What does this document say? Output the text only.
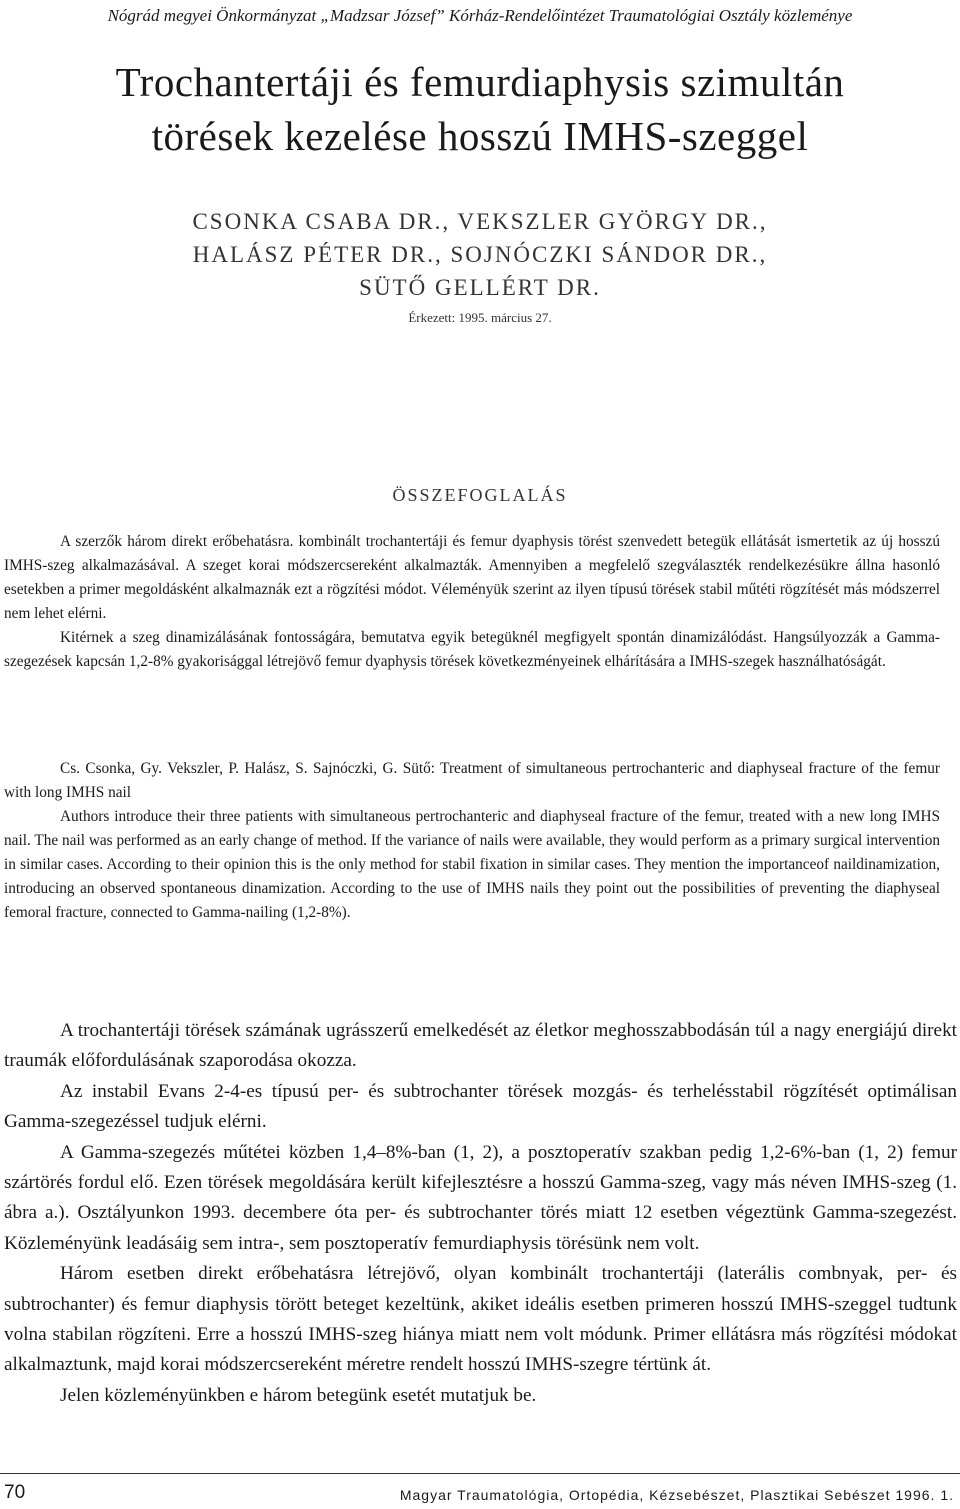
Nógrád megyei Önkormányzat „Madzsar József” Kórház-Rendelőintézet Traumatológiai Osztály közleménye
Trochantertáji és femurdiaphysis szimultán
törések kezelése hosszú IMHS-szeggel
CSONKA CSABA DR., VEKSZLER GYÖRGY DR.,
HALÁSZ PÉTER DR., SOJNÓCZKI SÁNDOR DR.,
SÜTŐ GELLÉRT DR.
Érkezett: 1995. március 27.
ÖSSZEFOGLALÁS

A szerzők három direkt erőbehatásra. kombinált trochantertáji és femur dyaphysis törést szenvedett betegük ellátását ismertetik az új hosszú IMHS-szeg alkalmazásával. A szeget korai módszercsereként alkalmazták. Amennyiben a megfelelő szegválaszték rendelkezésükre állna hasonló esetekben a primer megoldásként alkalmaznák ezt a rögzítési módot. Véleményük szerint az ilyen típusú törések stabil műtéti rögzítését más módszerrel nem lehet elérni.

Kitérnek a szeg dinamizálásának fontosságára, bemutatva egyik betegüknél megfigyelt spontán dinamizálódást. Hangsúlyozzák a Gamma-szegezések kapcsán 1,2-8% gyakorisággal létrejövő femur dyaphysis törések következményeinek elhárítására a IMHS-szegek használhatóságát.

Cs. Csonka, Gy. Vekszler, P. Halász, S. Sajnóczki, G. Sütő: Treatment of simultaneous pertrochanteric and diaphyseal fracture of the femur with long IMHS nail

Authors introduce their three patients with simultaneous pertrochanteric and diaphyseal fracture of the femur, treated with a new long IMHS nail. The nail was performed as an early change of method. If the variance of nails were available, they would perform as a primary surgical intervention in similar cases. According to their opinion this is the only method for stabil fixation in similar cases. They mention the importanceof naildinamization, introducing an observed spontaneous dinamization. According to the use of IMHS nails they point out the possibilities of preventing the diaphyseal femoral fracture, connected to Gamma-nailing (1,2-8%).

A trochantertáji törések számának ugrásszerű emelkedését az életkor meghosszabbodásán túl a nagy energiájú direkt traumák előfordulásának szaporodása okozza.

Az instabil Evans 2-4-es típusú per- és subtrochanter törések mozgás- és terhelésstabil rögzítését optimálisan Gamma-szegezéssel tudjuk elérni.

A Gamma-szegezés műtétei közben 1,4–8%-ban (1, 2), a posztoperatív szakban pedig 1,2-6%-ban (1, 2) femur szártörés fordul elő. Ezen törések megoldására került kifejlesztésre a hosszú Gamma-szeg, vagy más néven IMHS-szeg (1. ábra a.). Osztályunkon 1993. decembere óta per- és subtrochanter törés miatt 12 esetben végeztünk Gamma-szegezést. Közleményünk leadásáig sem intra-, sem posztoperatív femurdiaphysis törésünk nem volt.

Három esetben direkt erőbehatásra létrejövő, olyan kombinált trochantertáji (laterális combnyak, per- és subtrochanter) és femur diaphysis törött beteget kezeltünk, akiket ideális esetben primeren hosszú IMHS-szeggel tudtunk volna stabilan rögzíteni. Erre a hosszú IMHS-szeg hiánya miatt nem volt módunk. Primer ellátásra más rögzítési módokat alkalmaztunk, majd korai módszercsereként méretre rendelt hosszú IMHS-szegre tértünk át.

Jelen közleményünkben e három betegünk esetét mutatjuk be.

70	Magyar Traumatológia, Ortopédia, Kézsebészet, Plasztikai Sebészet 1996. 1.
